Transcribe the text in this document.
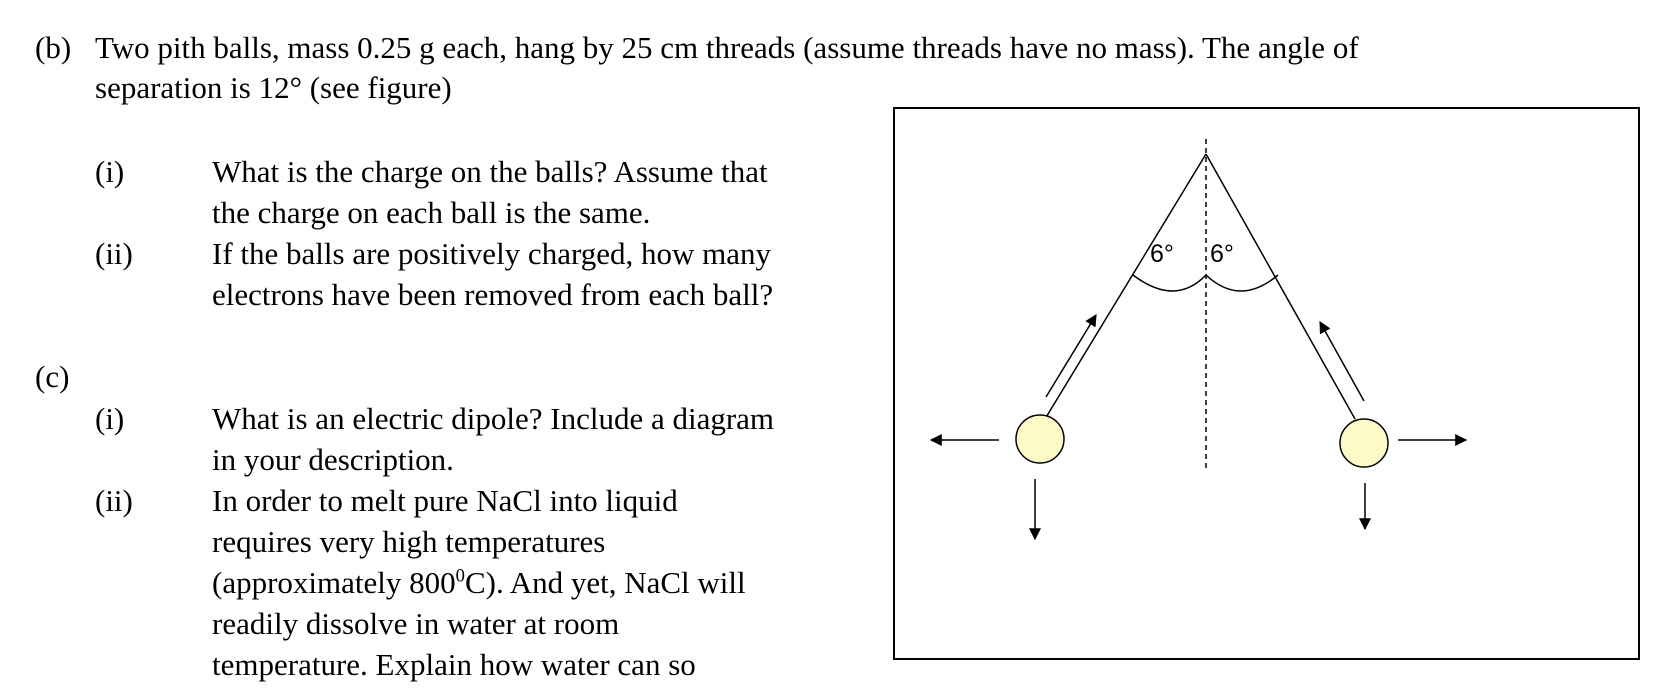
(b) Two pith balls, mass 0.25 g each, hang by 25 cm threads (assume threads have no mass). The angle of
separation is 12° (see figure)
(i)	What is the charge on the balls? Assume that
the charge on each ball is the same.
(ii)	If the balls are positively charged, how many
electrons have been removed from each ball?
(c)
(i)	What is an electric dipole? Include a diagram
in your description.
(ii)	In order to melt pure NaCl into liquid
requires very high temperatures
(approximately $800^0C$). And yet, NaCl will
readily dissolve in water at room
temperature. Explain how water can so
6° 6°
